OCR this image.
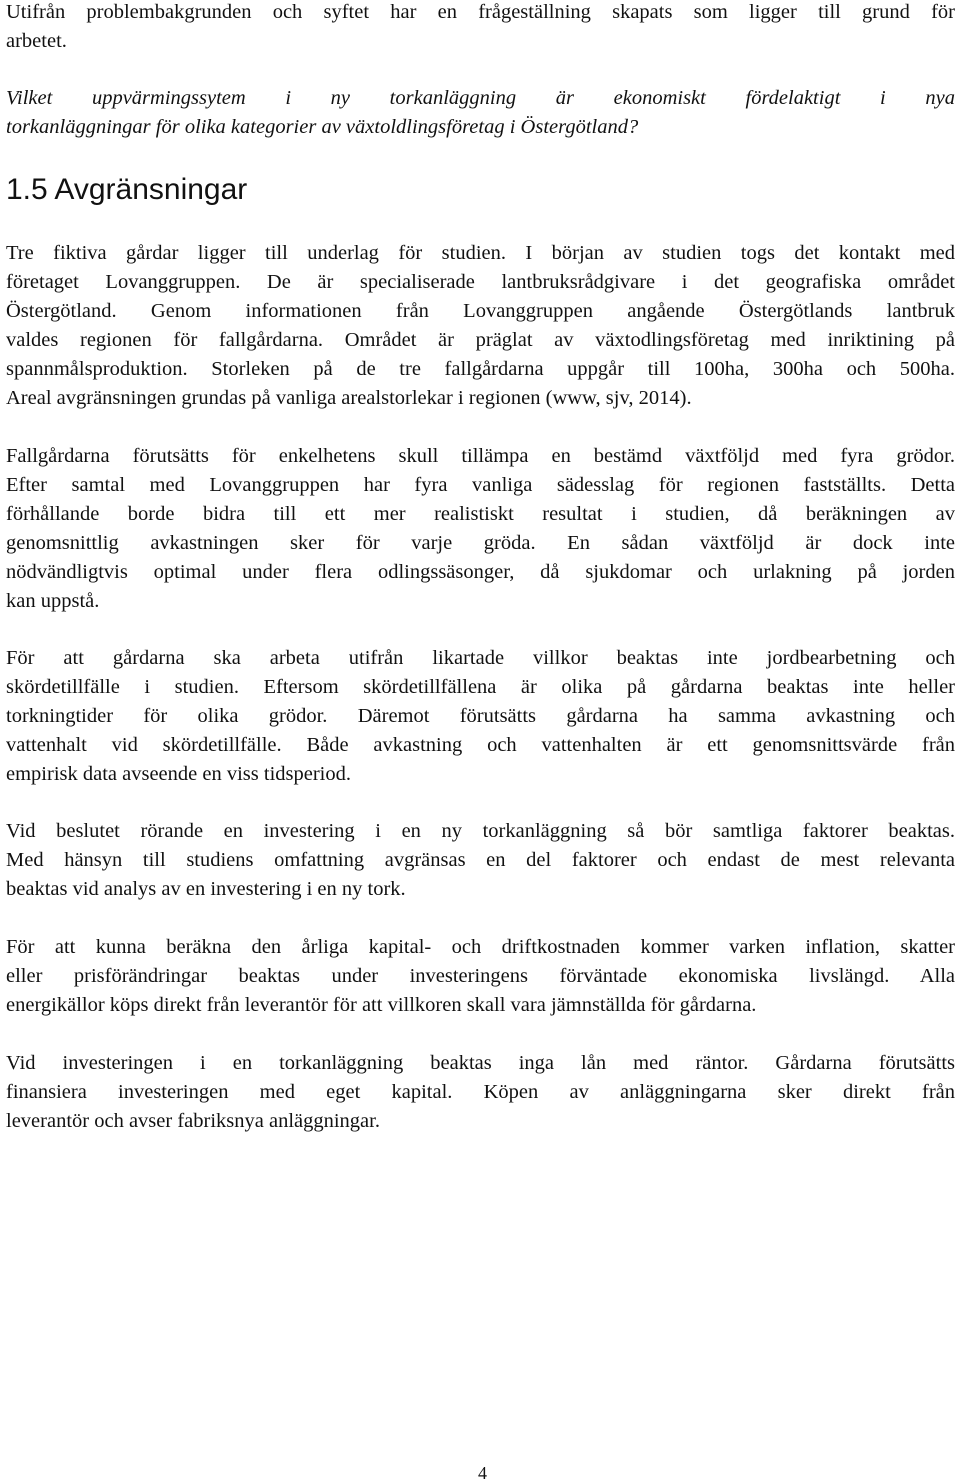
Utifrån problembakgrunden och syftet har en frågeställning skapats som ligger till grund för
arbetet.
Vilket uppvärmingssytem i ny torkanläggning är ekonomiskt fördelaktigt i nya
torkanläggningar för olika kategorier av växtoldlingsföretag i Östergötland?
1.5 Avgränsningar
Tre fiktiva gårdar ligger till underlag för studien. I början av studien togs det kontakt med
företaget Lovanggruppen. De är specialiserade lantbruksrådgivare i det geografiska området
Östergötland. Genom informationen från Lovanggruppen angående Östergötlands lantbruk
valdes regionen för fallgårdarna. Området är präglat av växtodlingsföretag med inriktining på
spannmålsproduktion. Storleken på de tre fallgårdarna uppgår till 100ha, 300ha och 500ha.
Areal avgränsningen grundas på vanliga arealstorlekar i regionen (www, sjv, 2014).
Fallgårdarna förutsätts för enkelhetens skull tillämpa en bestämd växtföljd med fyra grödor.
Efter samtal med Lovanggruppen har fyra vanliga sädesslag för regionen fastställts. Detta
förhållande borde bidra till ett mer realistiskt resultat i studien, då beräkningen av
genomsnittlig avkastningen sker för varje gröda. En sådan växtföljd är dock inte
nödvändligtvis optimal under flera odlingssäsonger, då sjukdomar och urlakning på jorden
kan uppstå.
För att gårdarna ska arbeta utifrån likartade villkor beaktas inte jordbearbetning och
skördetillfälle i studien. Eftersom skördetillfällena är olika på gårdarna beaktas inte heller
torkningtider för olika grödor. Däremot förutsätts gårdarna ha samma avkastning och
vattenhalt vid skördetillfälle. Både avkastning och vattenhalten är ett genomsnittsvärde från
empirisk data avseende en viss tidsperiod.
Vid beslutet rörande en investering i en ny torkanläggning så bör samtliga faktorer beaktas.
Med hänsyn till studiens omfattning avgränsas en del faktorer och endast de mest relevanta
beaktas vid analys av en investering i en ny tork.
För att kunna beräkna den årliga kapital- och driftkostnaden kommer varken inflation, skatter
eller prisförändringar beaktas under investeringens förväntade ekonomiska livslängd. Alla
energikällor köps direkt från leverantör för att villkoren skall vara jämnställda för gårdarna.
Vid investeringen i en torkanläggning beaktas inga lån med räntor. Gårdarna förutsätts
finansiera investeringen med eget kapital. Köpen av anläggningarna sker direkt från
leverantör och avser fabriksnya anläggningar.
4
